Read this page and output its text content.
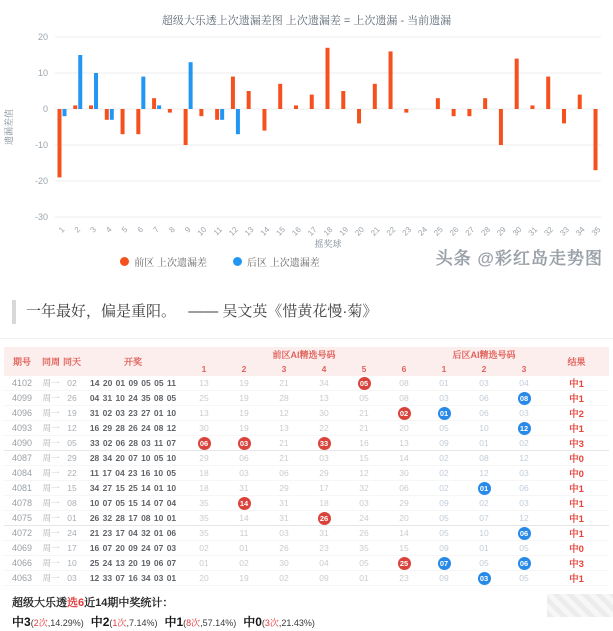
20
10
0
-10
-20
-30
1 2 3 4 5 6 7 8 9 10 11 12 13 14 15 16 17 18 19 20 21 22 23 24 25 26 27 28 29 30 31 32 33 34 35
摇奖球
遗漏差值
超级大乐透上次遗漏差图 上次遗漏差 = 上次遗漏 - 当前遗漏
前区 上次遗漏差	后区 上次遗漏差	头条 @彩红岛走势图
一年最好，偏是重阳。 —— 吴文英《惜黄花慢·菊》
期号	同周	同天	开奖	前区AI精选号码						后区AI精选号码			结果
				1	2	3	4	5	6	1	2	3	
4102	周一	02	14 20 01 09 05 05 11	13	19	21	34	05	08	01	03	04	中1
4099	周一	26	04 31 10 24 35 08 05	25	19	28	13	05	08	03	06	08	中1
4096	周一	19	31 02 03 23 27 01 10	13	19	12	30	21	02	01	06	03	中2
4093	周一	12	16 29 28 26 24 08 12	30	19	13	22	21	20	05	10	12	中1
4090	周一	05	33 02 06 28 03 11 07	06	03	21	33	16	13	09	01	02	中3
4087	周一	29	28 34 20 07 10 05 10	29	06	21	03	15	14	02	08	12	中0
4084	周一	22	11 17 04 23 16 10 05	18	03	06	29	12	30	02	12	03	中0
4081	周一	15	34 27 15 25 14 01 10	18	31	29	17	32	06	02	01	06	中1
4078	周一	08	10 07 05 15 14 07 04	35	14	31	18	03	29	09	02	03	中1
4075	周一	01	26 32 28 17 08 10 01	35	14	31	26	24	20	05	07	12	中1
4072	周一	24	21 23 17 04 32 01 06	35	11	03	31	26	14	05	10	06	中1
4069	周一	17	16 07 20 09 24 07 03	02	01	26	23	35	15	09	01	05	中0
4066	周一	10	25 24 13 20 19 06 07	01	02	30	04	05	25	07	05	06	中3
4063	周一	03	12 33 07 16 34 03 01	20	19	02	09	01	23	09	03	05	中1
超级大乐透选6近14期中奖统计：
中3(2次,14.29%) 中2(1次,7.14%) 中1(8次,57.14%) 中0(3次,21.43%)
